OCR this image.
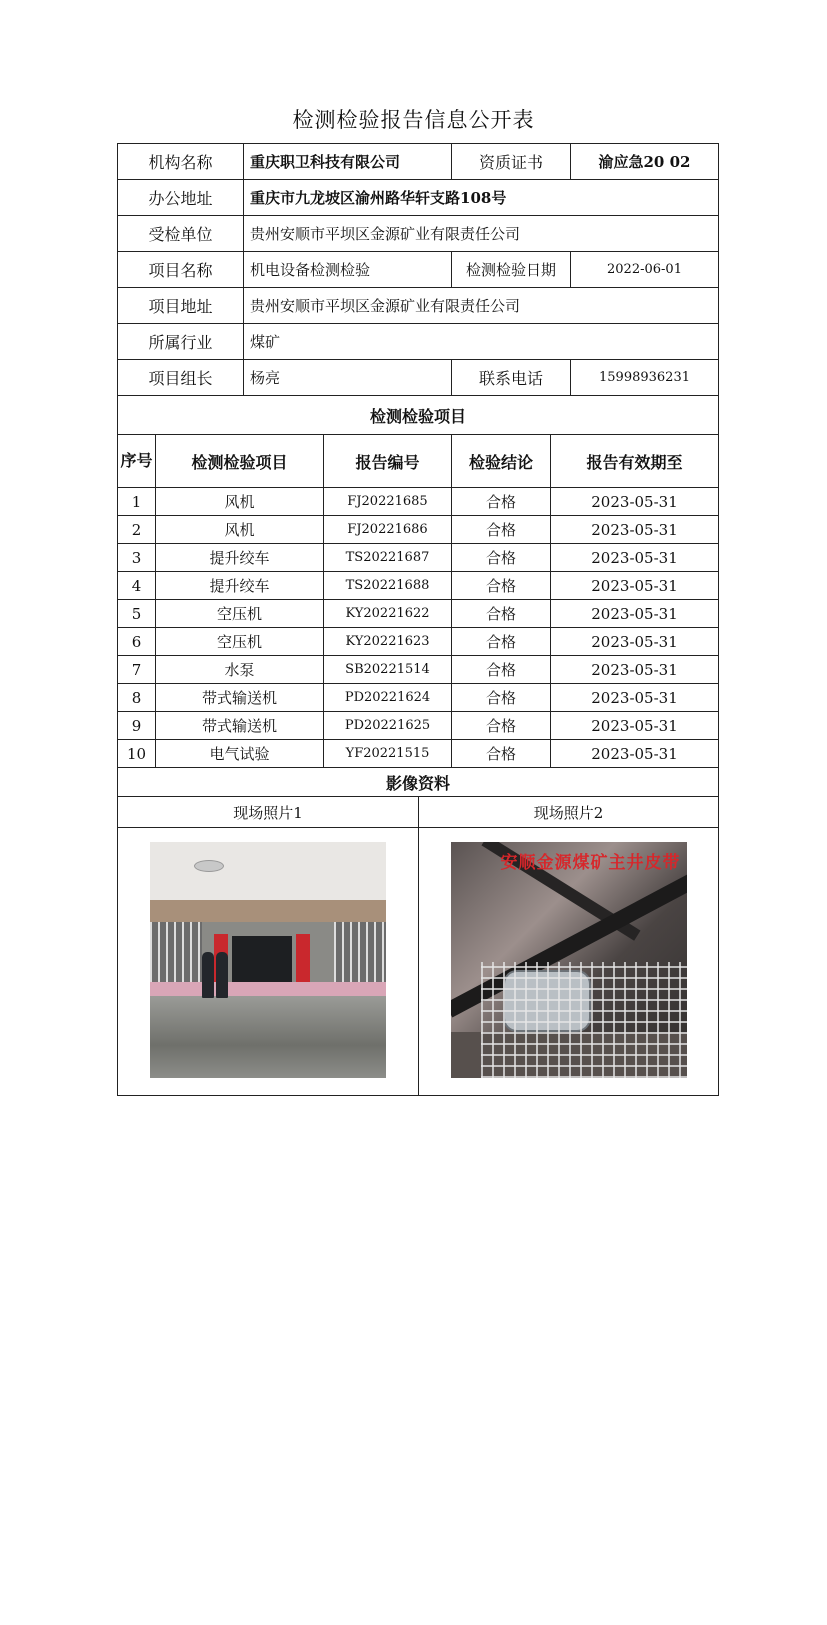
检测检验报告信息公开表
机构名称	重庆职卫科技有限公司	资质证书	渝应急20 02
办公地址	重庆市九龙坡区渝州路华轩支路108号		
受检单位	贵州安顺市平坝区金源矿业有限责任公司		
项目名称	机电设备检测检验	检测检验日期	2022-06-01
项目地址	贵州安顺市平坝区金源矿业有限责任公司		
所属行业	煤矿		
项目组长	杨亮	联系电话	15998936231
检测检验项目				
序号	检测检验项目	报告编号	检验结论	报告有效期至
1	风机	FJ20221685	合格	2023-05-31
2	风机	FJ20221686	合格	2023-05-31
3	提升绞车	TS20221687	合格	2023-05-31
4	提升绞车	TS20221688	合格	2023-05-31
5	空压机	KY20221622	合格	2023-05-31
6	空压机	KY20221623	合格	2023-05-31
7	水泵	SB20221514	合格	2023-05-31
8	带式输送机	PD20221624	合格	2023-05-31
9	带式输送机	PD20221625	合格	2023-05-31
10	电气试验	YF20221515	合格	2023-05-31
影像资料	
现场照片1	现场照片2

	安顺金源煤矿主井皮带
